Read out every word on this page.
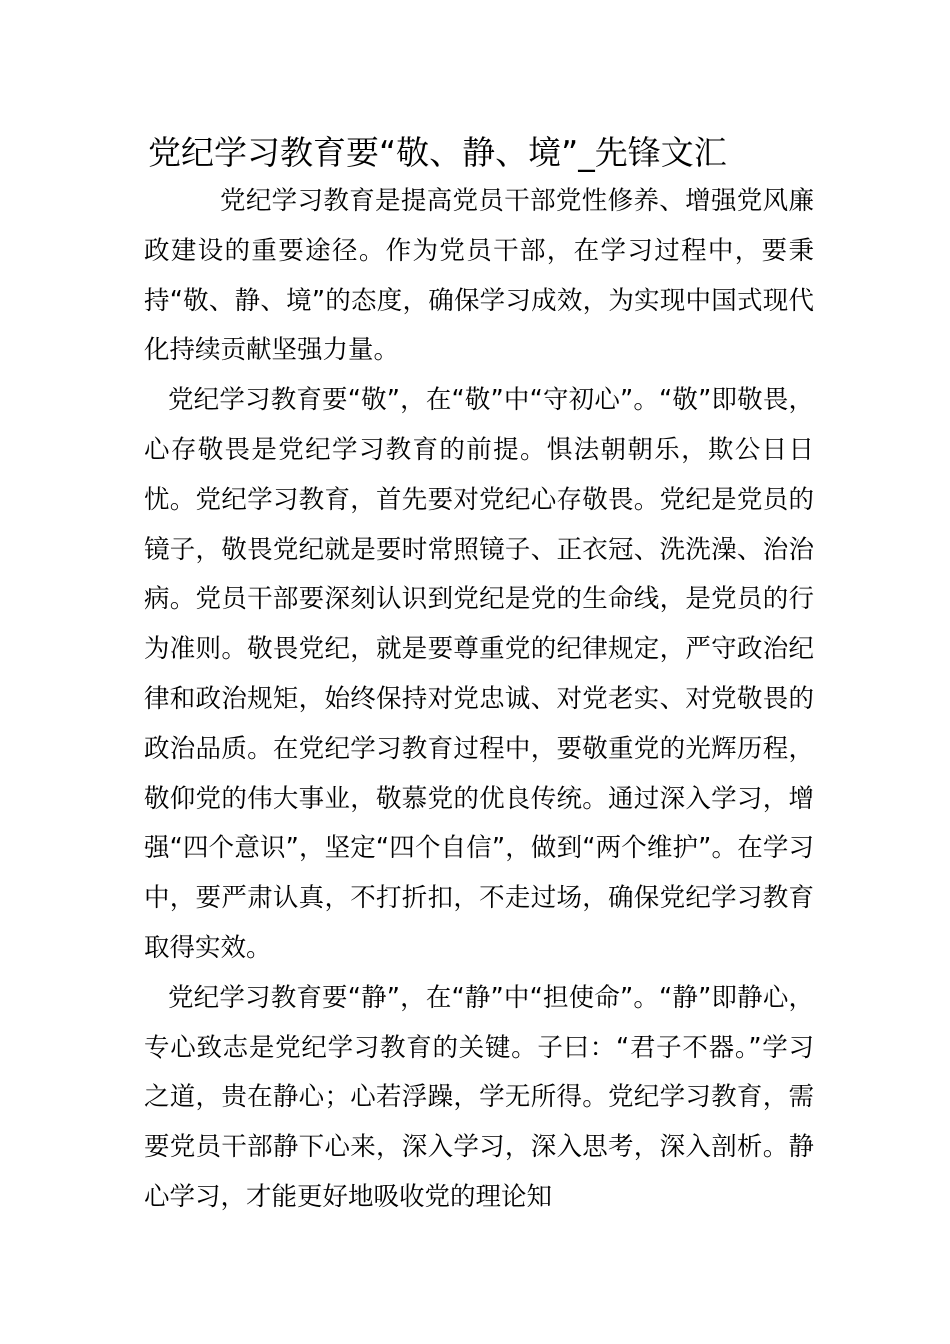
党纪学习教育要“敬、静、境”_先锋文汇

党纪学习教育是提高党员干部党性修养、增强党风廉政建设的重要途径。作为党员干部，在学习过程中，要秉持“敬、静、境”的态度，确保学习成效，为实现中国式现代化持续贡献坚强力量。

党纪学习教育要“敬”，在“敬”中“守初心”。“敬”即敬畏，心存敬畏是党纪学习教育的前提。惧法朝朝乐，欺公日日忧。党纪学习教育，首先要对党纪心存敬畏。党纪是党员的镜子，敬畏党纪就是要时常照镜子、正衣冠、洗洗澡、治治病。党员干部要深刻认识到党纪是党的生命线，是党员的行为准则。敬畏党纪，就是要尊重党的纪律规定，严守政治纪律和政治规矩，始终保持对党忠诚、对党老实、对党敬畏的政治品质。在党纪学习教育过程中，要敬重党的光辉历程，敬仰党的伟大事业，敬慕党的优良传统。通过深入学习，增强“四个意识”，坚定“四个自信”，做到“两个维护”。在学习中，要严肃认真，不打折扣，不走过场，确保党纪学习教育取得实效。

党纪学习教育要“静”，在“静”中“担使命”。“静”即静心，专心致志是党纪学习教育的关键。子曰：“君子不器。”学习之道，贵在静心；心若浮躁，学无所得。党纪学习教育，需要党员干部静下心来，深入学习，深入思考，深入剖析。静心学习，才能更好地吸收党的理论知
